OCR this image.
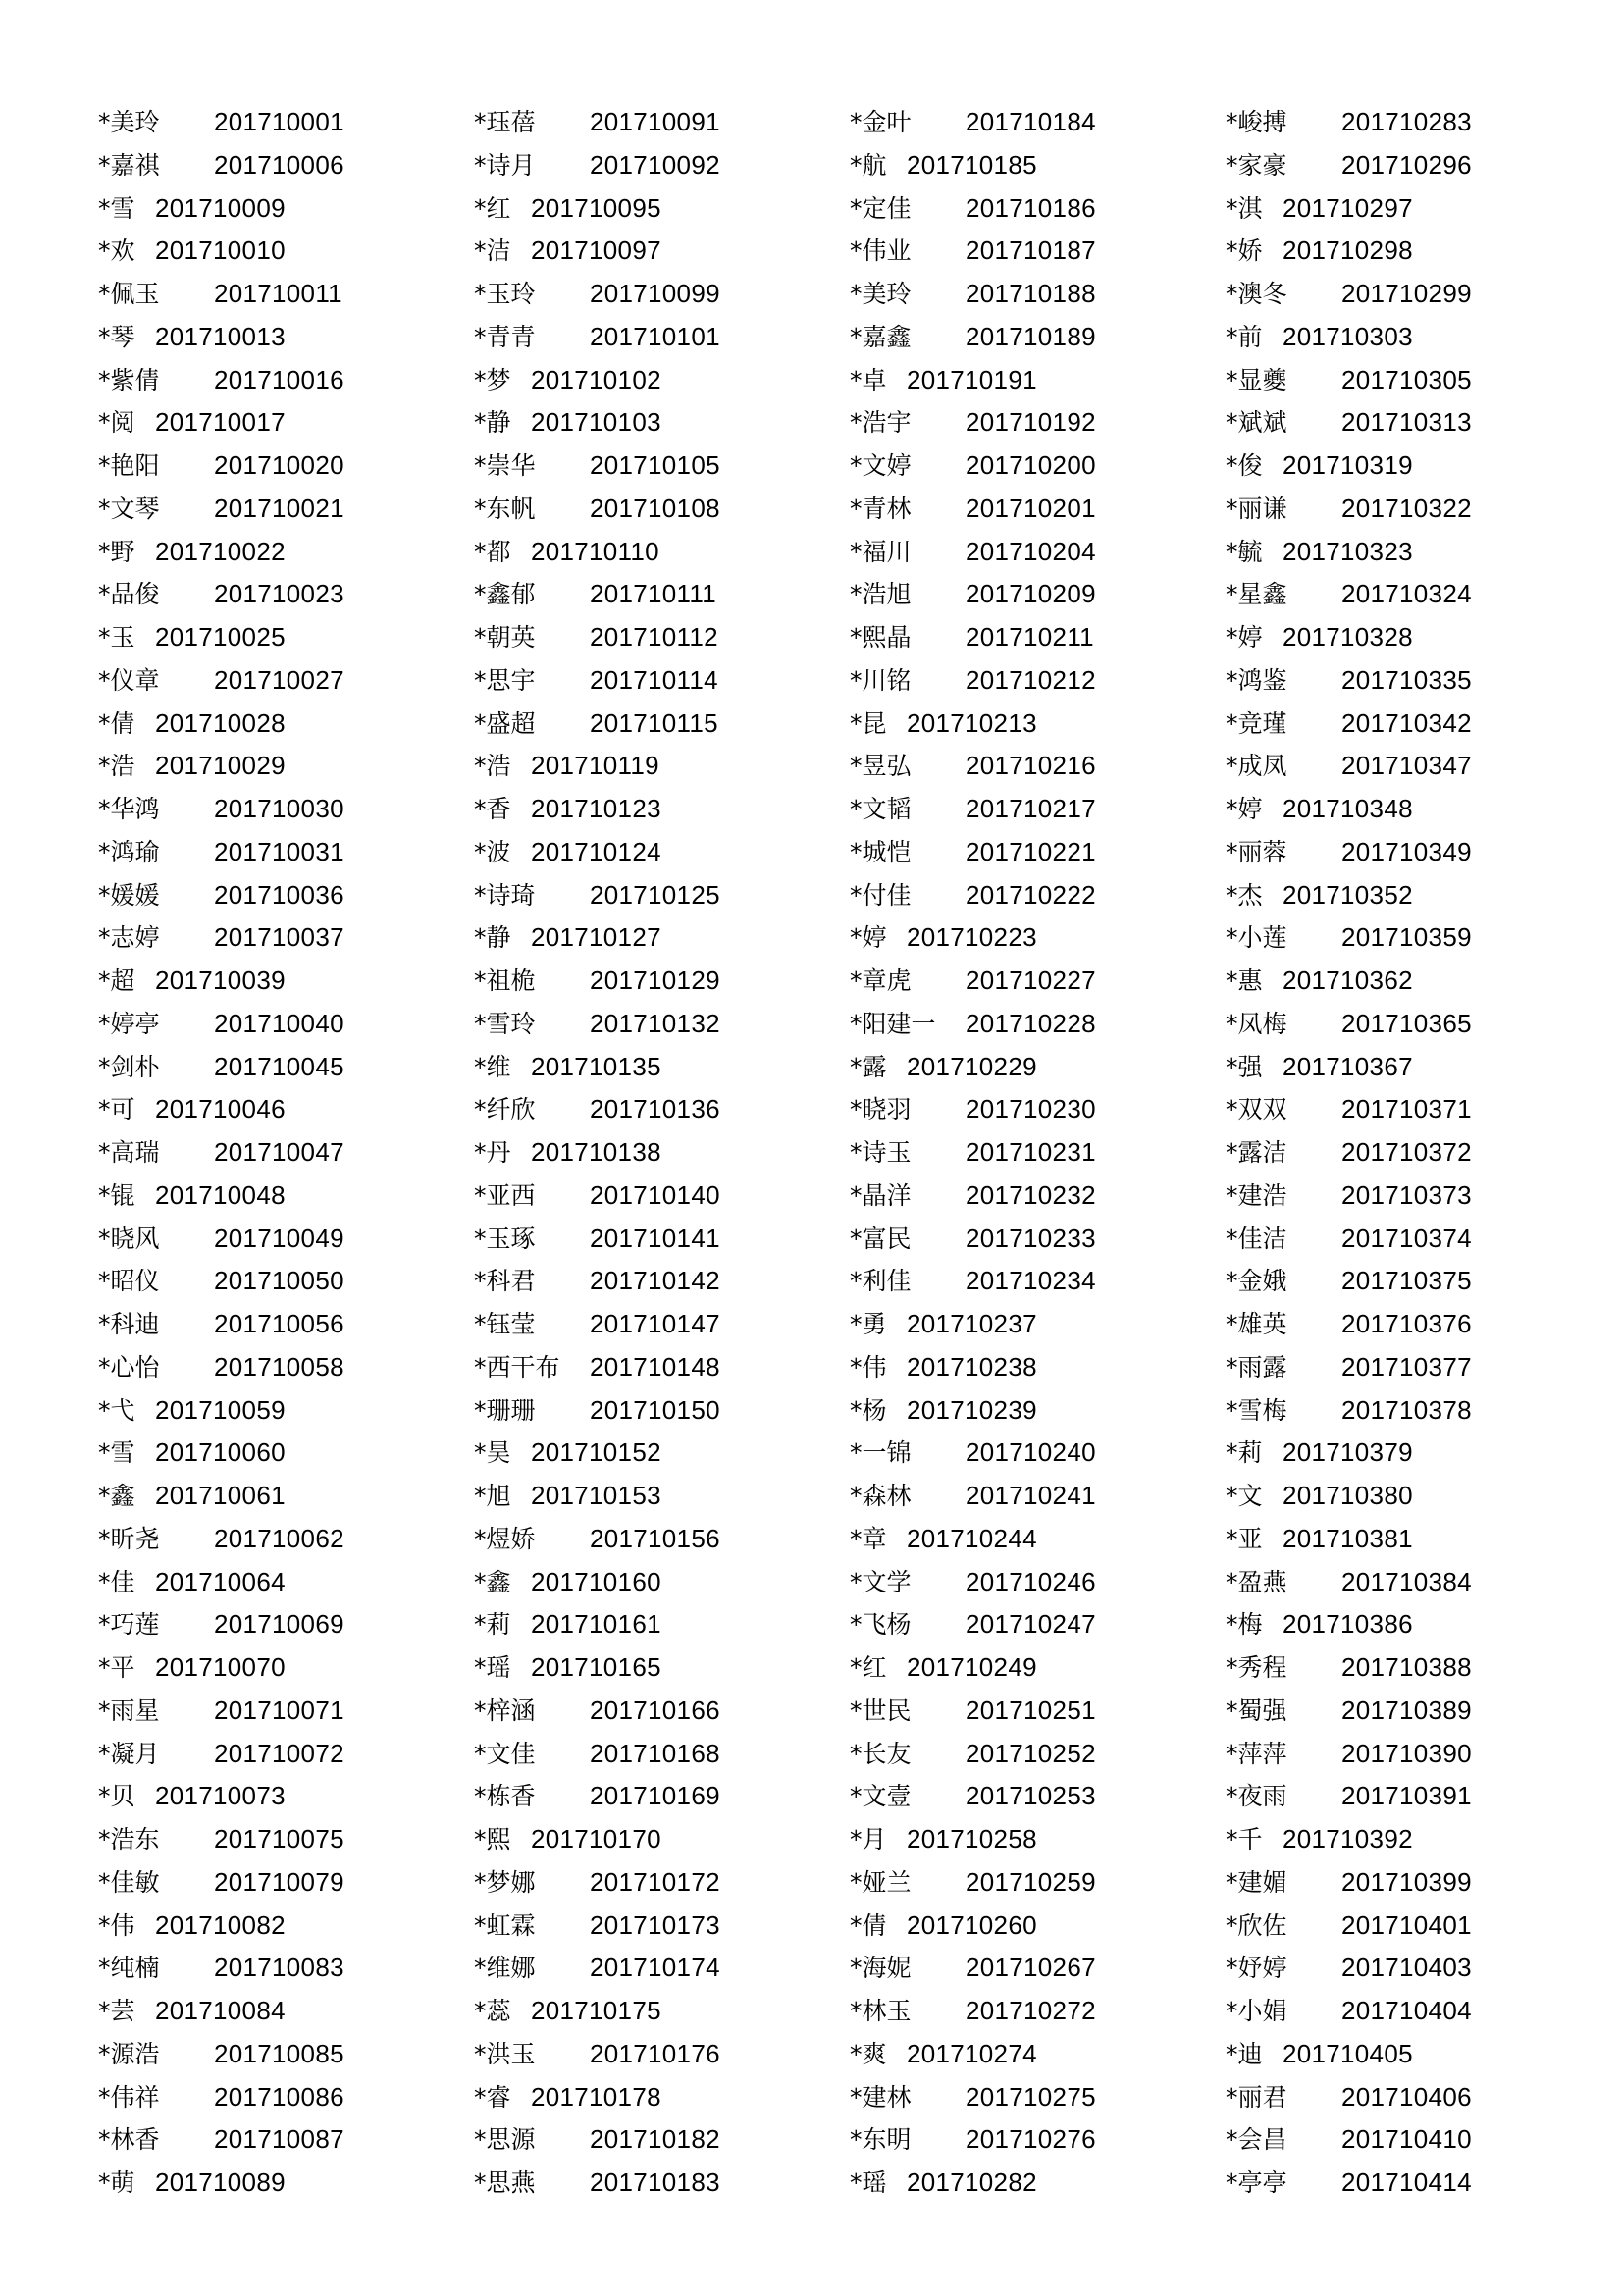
*美玲 201710001
*嘉祺 201710006
*雪 201710009
*欢 201710010
*佩玉 201710011
*琴 201710013
*紫倩 201710016
*阅 201710017
*艳阳 201710020
*文琴 201710021
*野 201710022
*品俊 201710023
*玉 201710025
*仪章 201710027
*倩 201710028
*浩 201710029
*华鸿 201710030
*鸿瑜 201710031
*媛媛 201710036
*志婷 201710037
*超 201710039
*婷亭 201710040
*剑朴 201710045
*可 201710046
*高瑞 201710047
*锟 201710048
*晓风 201710049
*昭仪 201710050
*科迪 201710056
*心怡 201710058
*弋 201710059
*雪 201710060
*鑫 201710061
*昕尧 201710062
*佳 201710064
*巧莲 201710069
*平 201710070
*雨星 201710071
*凝月 201710072
*贝 201710073
*浩东 201710075
*佳敏 201710079
*伟 201710082
*纯楠 201710083
*芸 201710084
*源浩 201710085
*伟祥 201710086
*林香 201710087
*萌 201710089
*珏蓓 201710091
*诗月 201710092
*红 201710095
*洁 201710097
*玉玲 201710099
*青青 201710101
*梦 201710102
*静 201710103
*崇华 201710105
*东帆 201710108
*都 201710110
*鑫郁 201710111
*朝英 201710112
*思宇 201710114
*盛超 201710115
*浩 201710119
*香 201710123
*波 201710124
*诗琦 201710125
*静 201710127
*祖桅 201710129
*雪玲 201710132
*维 201710135
*纤欣 201710136
*丹 201710138
*亚西 201710140
*玉琢 201710141
*科君 201710142
*钰莹 201710147
*西干布 201710148
*珊珊 201710150
*昊 201710152
*旭 201710153
*煜娇 201710156
*鑫 201710160
*莉 201710161
*瑶 201710165
*梓涵 201710166
*文佳 201710168
*栋香 201710169
*熙 201710170
*梦娜 201710172
*虹霖 201710173
*维娜 201710174
*蕊 201710175
*洪玉 201710176
*睿 201710178
*思源 201710182
*思燕 201710183
*金叶 201710184
*航 201710185
*定佳 201710186
*伟业 201710187
*美玲 201710188
*嘉鑫 201710189
*卓 201710191
*浩宇 201710192
*文婷 201710200
*青林 201710201
*福川 201710204
*浩旭 201710209
*熙晶 201710211
*川铭 201710212
*昆 201710213
*昱弘 201710216
*文韬 201710217
*城恺 201710221
*付佳 201710222
*婷 201710223
*章虎 201710227
*阳建一 201710228
*露 201710229
*晓羽 201710230
*诗玉 201710231
*晶洋 201710232
*富民 201710233
*利佳 201710234
*勇 201710237
*伟 201710238
*杨 201710239
*一锦 201710240
*森林 201710241
*章 201710244
*文学 201710246
*飞杨 201710247
*红 201710249
*世民 201710251
*长友 201710252
*文壹 201710253
*月 201710258
*娅兰 201710259
*倩 201710260
*海妮 201710267
*林玉 201710272
*爽 201710274
*建林 201710275
*东明 201710276
*瑶 201710282
*峻搏 201710283
*家豪 201710296
*淇 201710297
*娇 201710298
*澳冬 201710299
*前 201710303
*显夔 201710305
*斌斌 201710313
*俊 201710319
*丽谦 201710322
*毓 201710323
*星鑫 201710324
*婷 201710328
*鸿鉴 201710335
*竞瑾 201710342
*成凤 201710347
*婷 201710348
*丽蓉 201710349
*杰 201710352
*小莲 201710359
*惠 201710362
*凤梅 201710365
*强 201710367
*双双 201710371
*露洁 201710372
*建浩 201710373
*佳洁 201710374
*金娥 201710375
*雄英 201710376
*雨露 201710377
*雪梅 201710378
*莉 201710379
*文 201710380
*亚 201710381
*盈燕 201710384
*梅 201710386
*秀程 201710388
*蜀强 201710389
*萍萍 201710390
*夜雨 201710391
*千 201710392
*建媚 201710399
*欣佐 201710401
*妤婷 201710403
*小娟 201710404
*迪 201710405
*丽君 201710406
*会昌 201710410
*亭亭 201710414
